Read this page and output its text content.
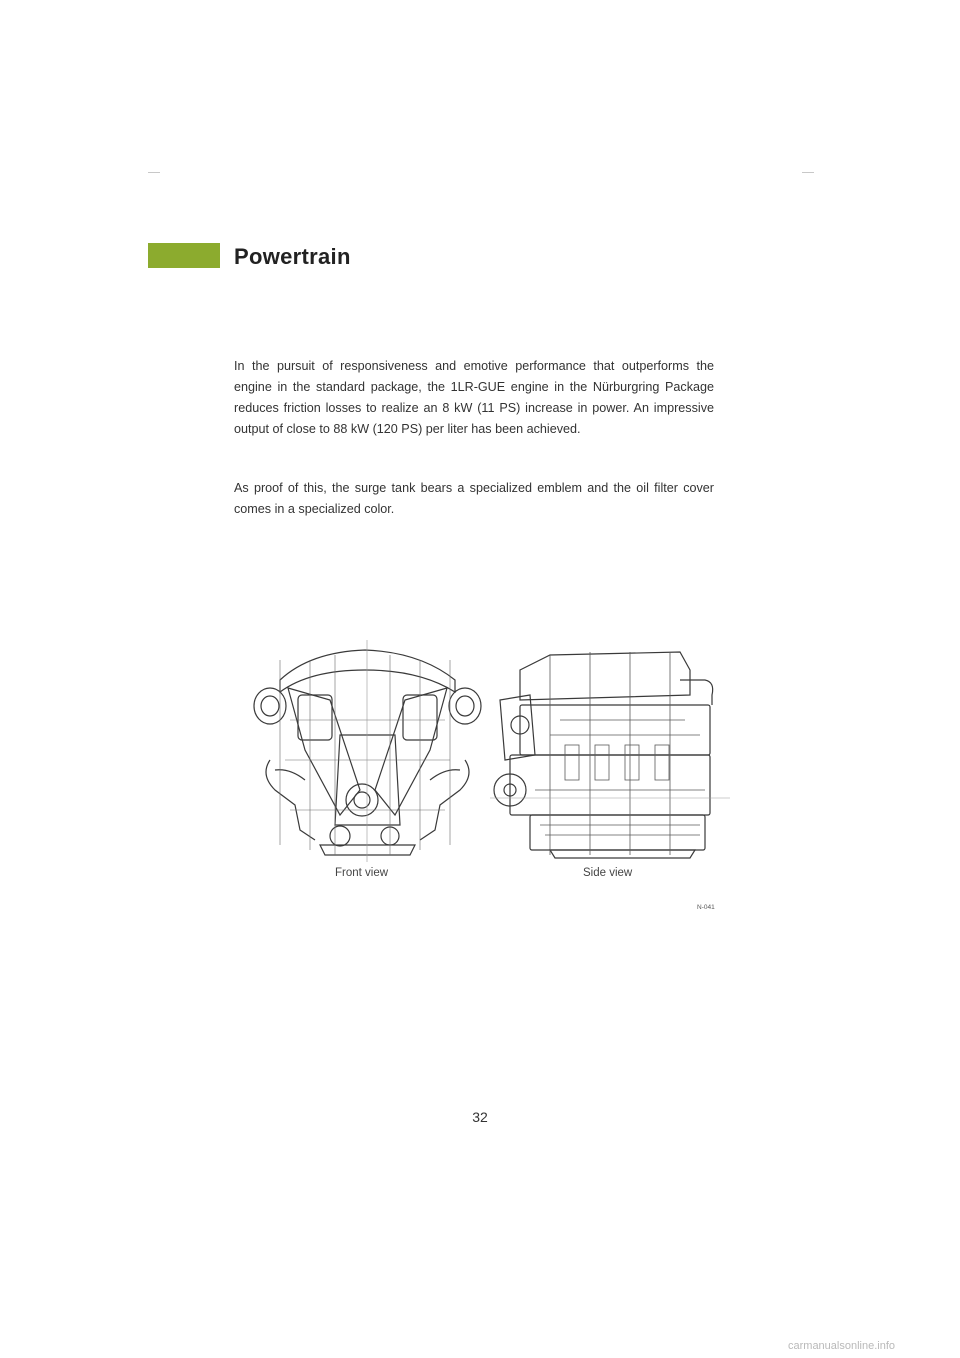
Powertrain

In the pursuit of responsiveness and emotive performance that outperforms the engine in the standard package, the 1LR-GUE engine in the Nürburgring Package reduces friction losses to realize an 8 kW (11 PS) increase in power. An impressive output of close to 88 kW (120 PS) per liter has been achieved.

As proof of this, the surge tank bears a specialized emblem and the oil filter cover comes in a specialized color.

Front view	Side view
N-041
32
carmanualsonline.info
